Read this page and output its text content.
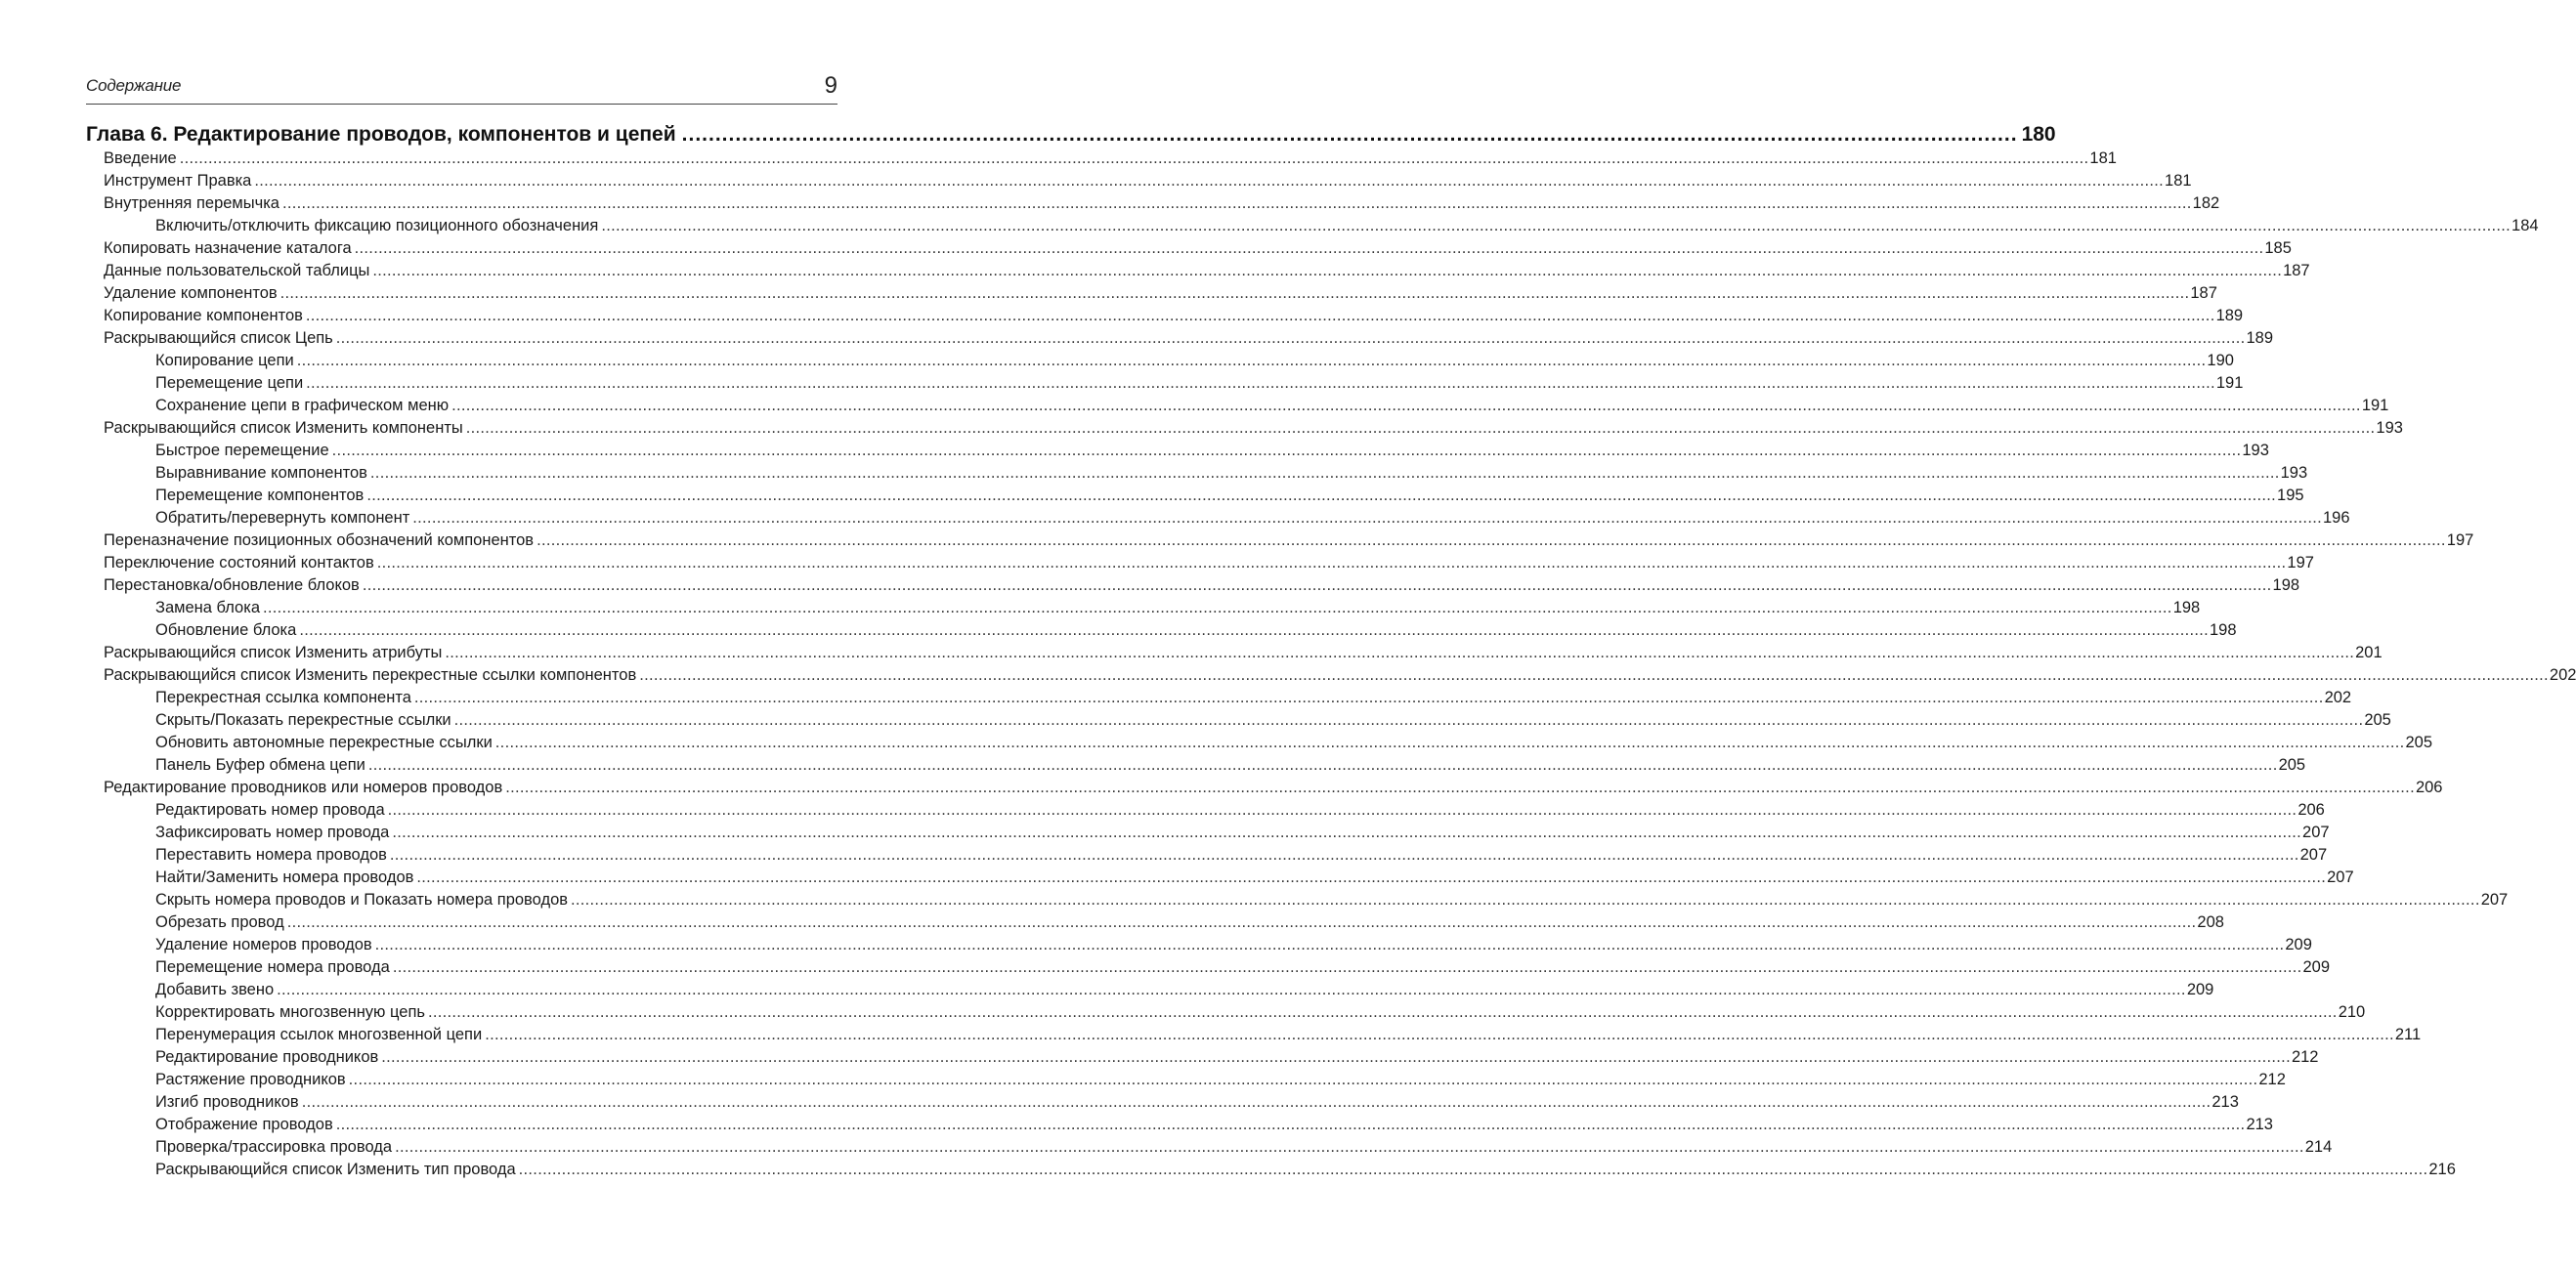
Содержание	9
Глава 6. Редактирование проводов, компонентов и цепей ........................................................................................................................................................................................................ 180
Введение ................................................................................................................................................................................................................................................................................................................................................................................................................ 181
Инструмент Правка ................................................................................................................................................................................................................................................................................................................................................................................................................ 181
Внутренняя перемычка ................................................................................................................................................................................................................................................................................................................................................................................................................ 182
Включить/отключить фиксацию позиционного обозначения ................................................................................................................................................................................................................................................................................................................................................................................................................ 184
Копировать назначение каталога ................................................................................................................................................................................................................................................................................................................................................................................................................ 185
Данные пользовательской таблицы ................................................................................................................................................................................................................................................................................................................................................................................................................ 187
Удаление компонентов ................................................................................................................................................................................................................................................................................................................................................................................................................ 187
Копирование компонентов ................................................................................................................................................................................................................................................................................................................................................................................................................ 189
Раскрывающийся список Цепь ................................................................................................................................................................................................................................................................................................................................................................................................................ 189
Копирование цепи ................................................................................................................................................................................................................................................................................................................................................................................................................ 190
Перемещение цепи ................................................................................................................................................................................................................................................................................................................................................................................................................ 191
Сохранение цепи в графическом меню ................................................................................................................................................................................................................................................................................................................................................................................................................ 191
Раскрывающийся список Изменить компоненты ................................................................................................................................................................................................................................................................................................................................................................................................................ 193
Быстрое перемещение ................................................................................................................................................................................................................................................................................................................................................................................................................ 193
Выравнивание компонентов ................................................................................................................................................................................................................................................................................................................................................................................................................ 193
Перемещение компонентов ................................................................................................................................................................................................................................................................................................................................................................................................................ 195
Обратить/перевернуть компонент ................................................................................................................................................................................................................................................................................................................................................................................................................ 196
Переназначение позиционных обозначений компонентов ................................................................................................................................................................................................................................................................................................................................................................................................................ 197
Переключение состояний контактов ................................................................................................................................................................................................................................................................................................................................................................................................................ 197
Перестановка/обновление блоков ................................................................................................................................................................................................................................................................................................................................................................................................................ 198
Замена блока ................................................................................................................................................................................................................................................................................................................................................................................................................ 198
Обновление блока ................................................................................................................................................................................................................................................................................................................................................................................................................ 198
Раскрывающийся список Изменить атрибуты ................................................................................................................................................................................................................................................................................................................................................................................................................ 201
Раскрывающийся список Изменить перекрестные ссылки компонентов ................................................................................................................................................................................................................................................................................................................................................................................................................ 202
Перекрестная ссылка компонента ................................................................................................................................................................................................................................................................................................................................................................................................................ 202
Скрыть/Показать перекрестные ссылки ................................................................................................................................................................................................................................................................................................................................................................................................................ 205
Обновить автономные перекрестные ссылки ................................................................................................................................................................................................................................................................................................................................................................................................................ 205
Панель Буфер обмена цепи ................................................................................................................................................................................................................................................................................................................................................................................................................ 205
Редактирование проводников или номеров проводов ................................................................................................................................................................................................................................................................................................................................................................................................................ 206
Редактировать номер провода ................................................................................................................................................................................................................................................................................................................................................................................................................ 206
Зафиксировать номер провода ................................................................................................................................................................................................................................................................................................................................................................................................................ 207
Переставить номера проводов ................................................................................................................................................................................................................................................................................................................................................................................................................ 207
Найти/Заменить номера проводов ................................................................................................................................................................................................................................................................................................................................................................................................................ 207
Скрыть номера проводов и Показать номера проводов ................................................................................................................................................................................................................................................................................................................................................................................................................ 207
Обрезать провод ................................................................................................................................................................................................................................................................................................................................................................................................................ 208
Удаление номеров проводов ................................................................................................................................................................................................................................................................................................................................................................................................................ 209
Перемещение номера провода ................................................................................................................................................................................................................................................................................................................................................................................................................ 209
Добавить звено ................................................................................................................................................................................................................................................................................................................................................................................................................ 209
Корректировать многозвенную цепь ................................................................................................................................................................................................................................................................................................................................................................................................................ 210
Перенумерация ссылок многозвенной цепи ................................................................................................................................................................................................................................................................................................................................................................................................................ 211
Редактирование проводников ................................................................................................................................................................................................................................................................................................................................................................................................................ 212
Растяжение проводников ................................................................................................................................................................................................................................................................................................................................................................................................................ 212
Изгиб проводников ................................................................................................................................................................................................................................................................................................................................................................................................................ 213
Отображение проводов ................................................................................................................................................................................................................................................................................................................................................................................................................ 213
Проверка/трассировка провода ................................................................................................................................................................................................................................................................................................................................................................................................................ 214
Раскрывающийся список Изменить тип провода ................................................................................................................................................................................................................................................................................................................................................................................................................ 216
